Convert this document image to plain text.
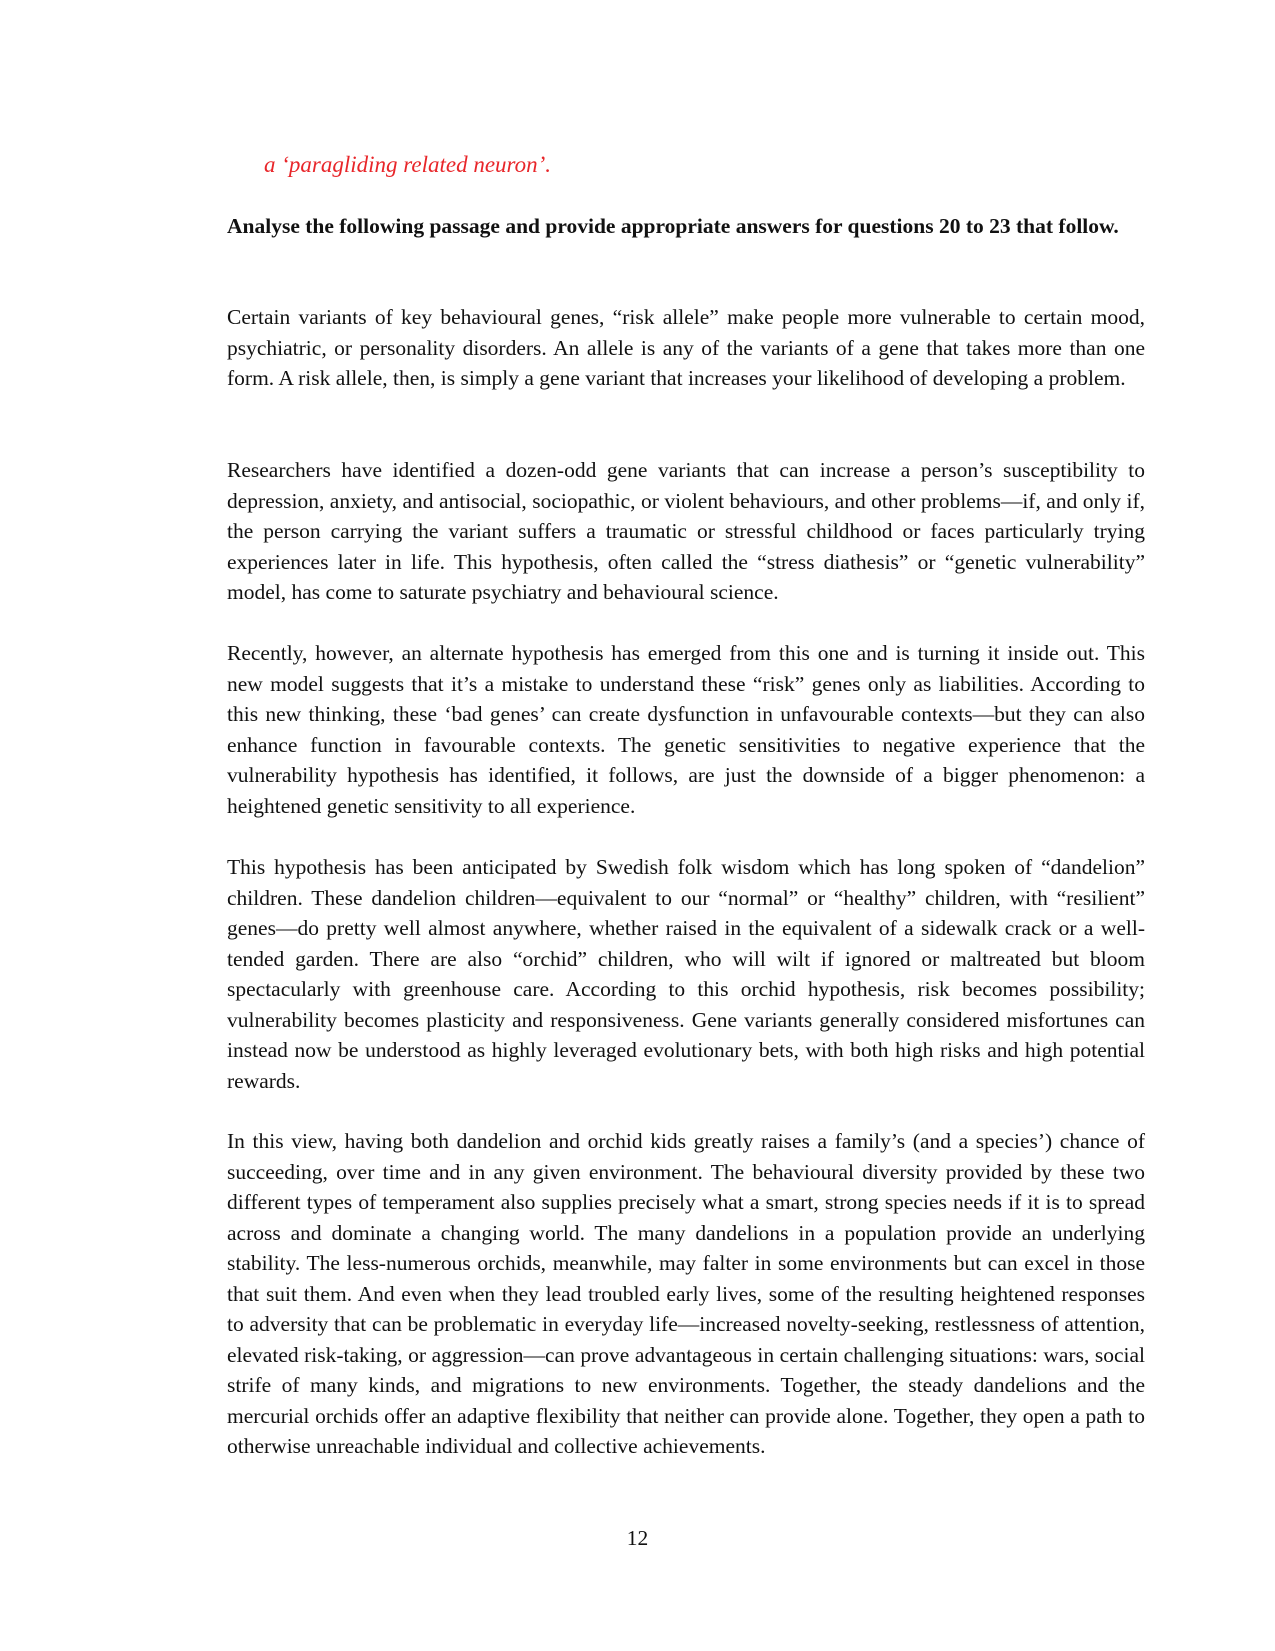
a ‘paragliding related neuron’.

Analyse the following passage and provide appropriate answers for questions 20 to 23 that follow.

Certain variants of key behavioural genes, “risk allele” make people more vulnerable to certain mood, psychiatric, or personality disorders. An allele is any of the variants of a gene that takes more than one form. A risk allele, then, is simply a gene variant that increases your likelihood of developing a problem.

Researchers have identified a dozen-odd gene variants that can increase a person’s susceptibility to depression, anxiety, and antisocial, sociopathic, or violent behaviours, and other problems—if, and only if, the person carrying the variant suffers a traumatic or stressful childhood or faces particularly trying experiences later in life. This hypothesis, often called the “stress diathesis” or “genetic vulnerability” model, has come to saturate psychiatry and behavioural science.

Recently, however, an alternate hypothesis has emerged from this one and is turning it inside out. This new model suggests that it’s a mistake to understand these “risk” genes only as liabilities. According to this new thinking, these ‘bad genes’ can create dysfunction in unfavourable contexts—but they can also enhance function in favourable contexts. The genetic sensitivities to negative experience that the vulnerability hypothesis has identified, it follows, are just the downside of a bigger phenomenon: a heightened genetic sensitivity to all experience.

This hypothesis has been anticipated by Swedish folk wisdom which has long spoken of “dandelion” children. These dandelion children—equivalent to our “normal” or “healthy” children, with “resilient” genes—do pretty well almost anywhere, whether raised in the equivalent of a sidewalk crack or a well-tended garden. There are also “orchid” children, who will wilt if ignored or maltreated but bloom spectacularly with greenhouse care. According to this orchid hypothesis, risk becomes possibility; vulnerability becomes plasticity and responsiveness. Gene variants generally considered misfortunes can instead now be understood as highly leveraged evolutionary bets, with both high risks and high potential rewards.

In this view, having both dandelion and orchid kids greatly raises a family’s (and a species’) chance of succeeding, over time and in any given environment. The behavioural diversity provided by these two different types of temperament also supplies precisely what a smart, strong species needs if it is to spread across and dominate a changing world. The many dandelions in a population provide an underlying stability. The less-numerous orchids, meanwhile, may falter in some environments but can excel in those that suit them. And even when they lead troubled early lives, some of the resulting heightened responses to adversity that can be problematic in everyday life—increased novelty-seeking, restlessness of attention, elevated risk-taking, or aggression—can prove advantageous in certain challenging situations: wars, social strife of many kinds, and migrations to new environments. Together, the steady dandelions and the mercurial orchids offer an adaptive flexibility that neither can provide alone. Together, they open a path to otherwise unreachable individual and collective achievements.

12
